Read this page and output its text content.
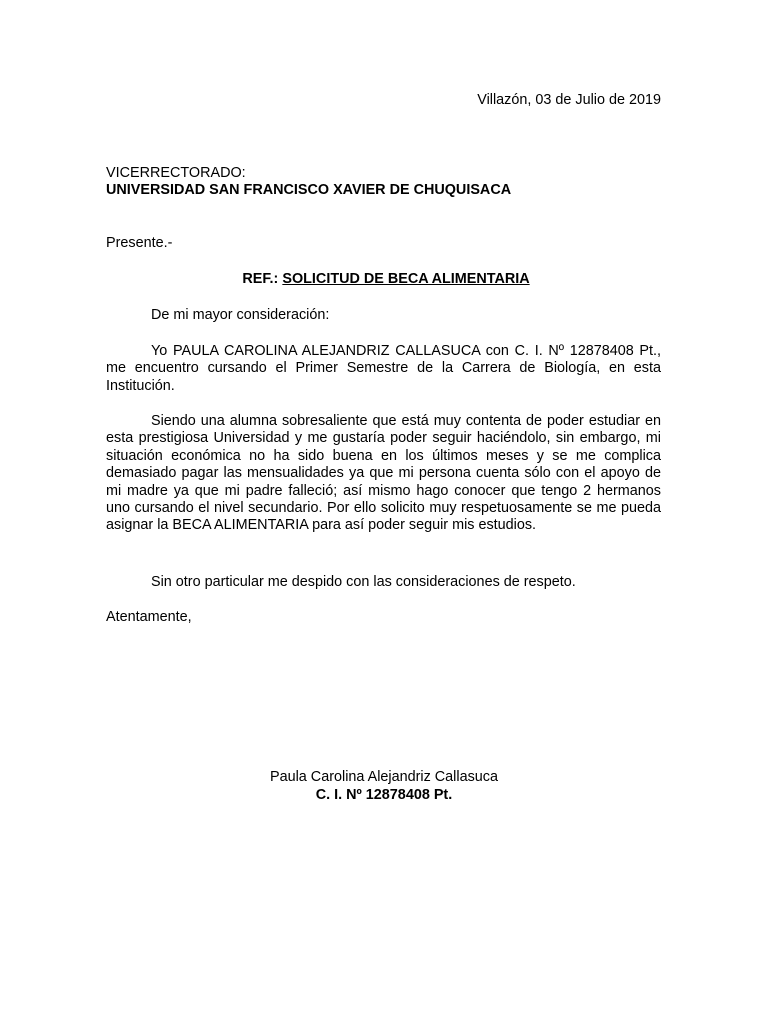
Villazón, 03 de Julio de 2019
VICERRECTORADO:
UNIVERSIDAD SAN FRANCISCO XAVIER DE CHUQUISACA
Presente.-
REF.: SOLICITUD DE BECA ALIMENTARIA
De mi mayor consideración:
Yo PAULA CAROLINA ALEJANDRIZ CALLASUCA con C. I. Nº 12878408 Pt., me encuentro cursando el Primer Semestre de la Carrera de Biología, en esta Institución.
Siendo una alumna sobresaliente que está muy contenta de poder estudiar en esta prestigiosa Universidad y me gustaría poder seguir haciéndolo, sin embargo, mi situación económica no ha sido buena en los últimos meses y se me complica demasiado pagar las mensualidades ya que mi persona cuenta sólo con el apoyo de mi madre ya que mi padre falleció; así mismo hago conocer que tengo 2 hermanos uno cursando el nivel secundario. Por ello solicito muy respetuosamente se me pueda asignar la BECA ALIMENTARIA para así poder seguir mis estudios.
Sin otro particular me despido con las consideraciones de respeto.
Atentamente,
Paula Carolina Alejandriz Callasuca
C. I. Nº 12878408 Pt.
